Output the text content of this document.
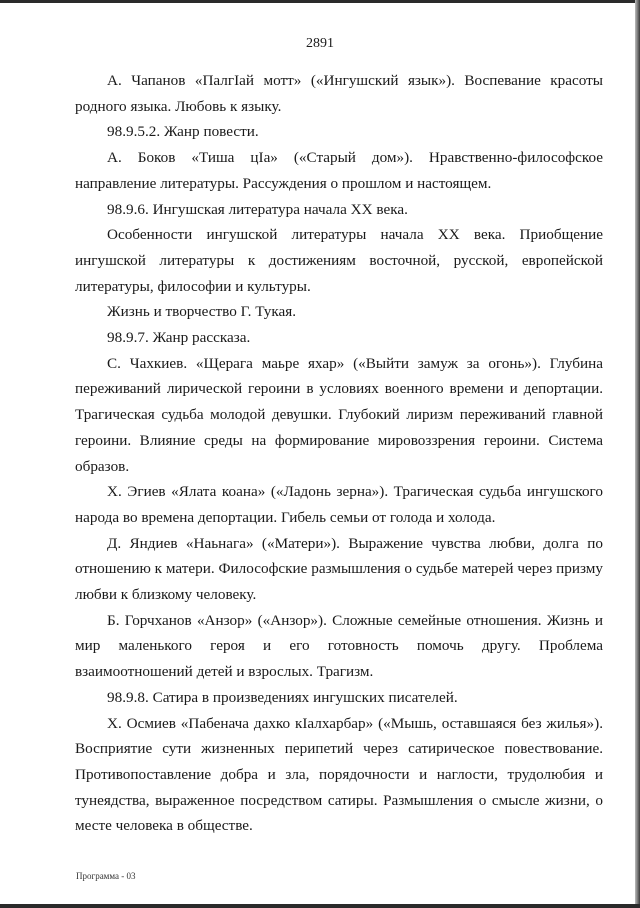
2891

А. Чапанов «ПалгIай мотт» («Ингушский язык»). Воспевание красоты родного языка. Любовь к языку.

98.9.5.2. Жанр повести.

А. Боков «Тиша цIа» («Старый дом»). Нравственно-философское направление литературы. Рассуждения о прошлом и настоящем.

98.9.6. Ингушская литература начала XX века.

Особенности ингушской литературы начала XX века. Приобщение ингушской литературы к достижениям восточной, русской, европейской литературы, философии и культуры.

Жизнь и творчество Г. Тукая.

98.9.7. Жанр рассказа.

С. Чахкиев. «Щерага маьре яхар» («Выйти замуж за огонь»). Глубина переживаний лирической героини в условиях военного времени и депортации. Трагическая судьба молодой девушки. Глубокий лиризм переживаний главной героини. Влияние среды на формирование мировоззрения героини. Система образов.

Х. Эгиев «Ялата коана» («Ладонь зерна»). Трагическая судьба ингушского народа во времена депортации. Гибель семьи от голода и холода.

Д. Яндиев «Наьнага» («Матери»). Выражение чувства любви, долга по отношению к матери. Философские размышления о судьбе матерей через призму любви к близкому человеку.

Б. Горчханов «Анзор» («Анзор»). Сложные семейные отношения. Жизнь и мир маленького героя и его готовность помочь другу. Проблема взаимоотношений детей и взрослых. Трагизм.

98.9.8. Сатира в произведениях ингушских писателей.

Х. Осмиев «Пабенача дахко кIалхарбар» («Мышь, оставшаяся без жилья»). Восприятие сути жизненных перипетий через сатирическое повествование. Противопоставление добра и зла, порядочности и наглости, трудолюбия и тунеядства, выраженное посредством сатиры. Размышления о смысле жизни, о месте человека в обществе.

Программа - 03
